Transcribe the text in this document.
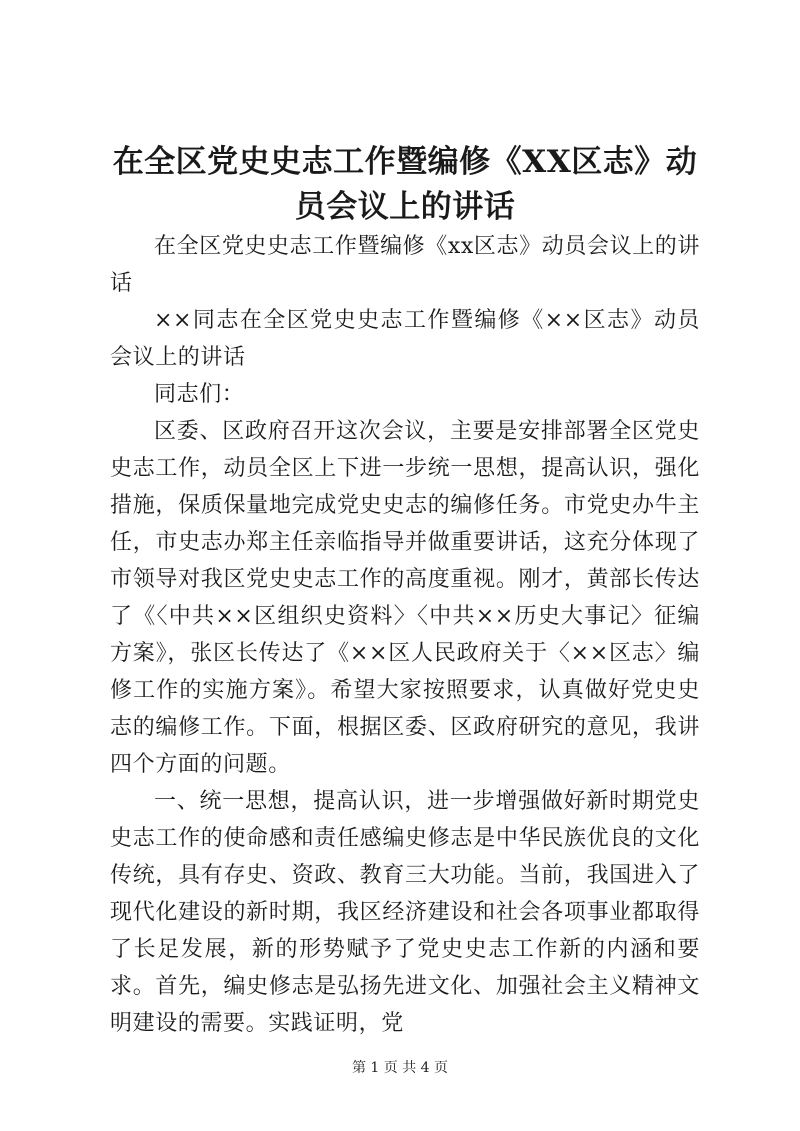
在全区党史史志工作暨编修《XX区志》动员会议上的讲话

在全区党史史志工作暨编修《xx区志》动员会议上的讲话

××同志在全区党史史志工作暨编修《××区志》动员会议上的讲话

同志们：

区委、区政府召开这次会议，主要是安排部署全区党史史志工作，动员全区上下进一步统一思想，提高认识，强化措施，保质保量地完成党史史志的编修任务。市党史办牛主任，市史志办郑主任亲临指导并做重要讲话，这充分体现了市领导对我区党史史志工作的高度重视。刚才，黄部长传达了《〈中共××区组织史资料〉〈中共××历史大事记〉征编方案》，张区长传达了《××区人民政府关于〈××区志〉编修工作的实施方案》。希望大家按照要求，认真做好党史史志的编修工作。下面，根据区委、区政府研究的意见，我讲四个方面的问题。

一、统一思想，提高认识，进一步增强做好新时期党史史志工作的使命感和责任感编史修志是中华民族优良的文化传统，具有存史、资政、教育三大功能。当前，我国进入了现代化建设的新时期，我区经济建设和社会各项事业都取得了长足发展，新的形势赋予了党史史志工作新的内涵和要求。首先，编史修志是弘扬先进文化、加强社会主义精神文明建设的需要。实践证明，党

第 1 页 共 4 页
